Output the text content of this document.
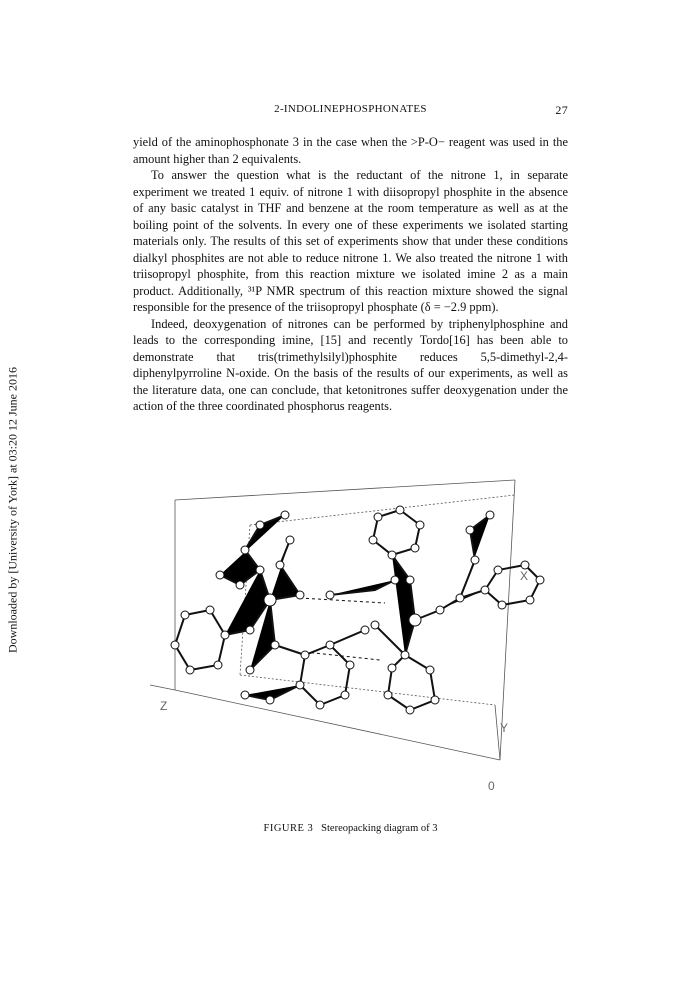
2-INDOLINEPHOSPHONATES	27
Downloaded by [University of York] at 03:20 12 June 2016

yield of the aminophosphonate 3 in the case when the >P-O− reagent was used in the amount higher than 2 equivalents.

To answer the question what is the reductant of the nitrone 1, in separate experiment we treated 1 equiv. of nitrone 1 with diisopropyl phosphite in the absence of any basic catalyst in THF and benzene at the room temperature as well as at the boiling point of the solvents. In every one of these experiments we isolated starting materials only. The results of this set of experiments show that under these conditions dialkyl phosphites are not able to reduce nitrone 1. We also treated the nitrone 1 with triisopropyl phosphite, from this reaction mixture we isolated imine 2 as a main product. Additionally, ³¹P NMR spectrum of this reaction mixture showed the signal responsible for the presence of the triisopropyl phosphate (δ = −2.9 ppm).

Indeed, deoxygenation of nitrones can be performed by triphenylphosphine and leads to the corresponding imine, [15] and recently Tordo[16] has been able to demonstrate that tris(trimethylsilyl)phosphite reduces 5,5-dimethyl-2,4-diphenylpyrroline N-oxide. On the basis of the results of our experiments, as well as the literature data, one can conclude, that ketonitrones suffer deoxygenation under the action of the three coordinated phosphorus reagents.

Z
Y
0
X
FIGURE 3 Stereopacking diagram of 3
